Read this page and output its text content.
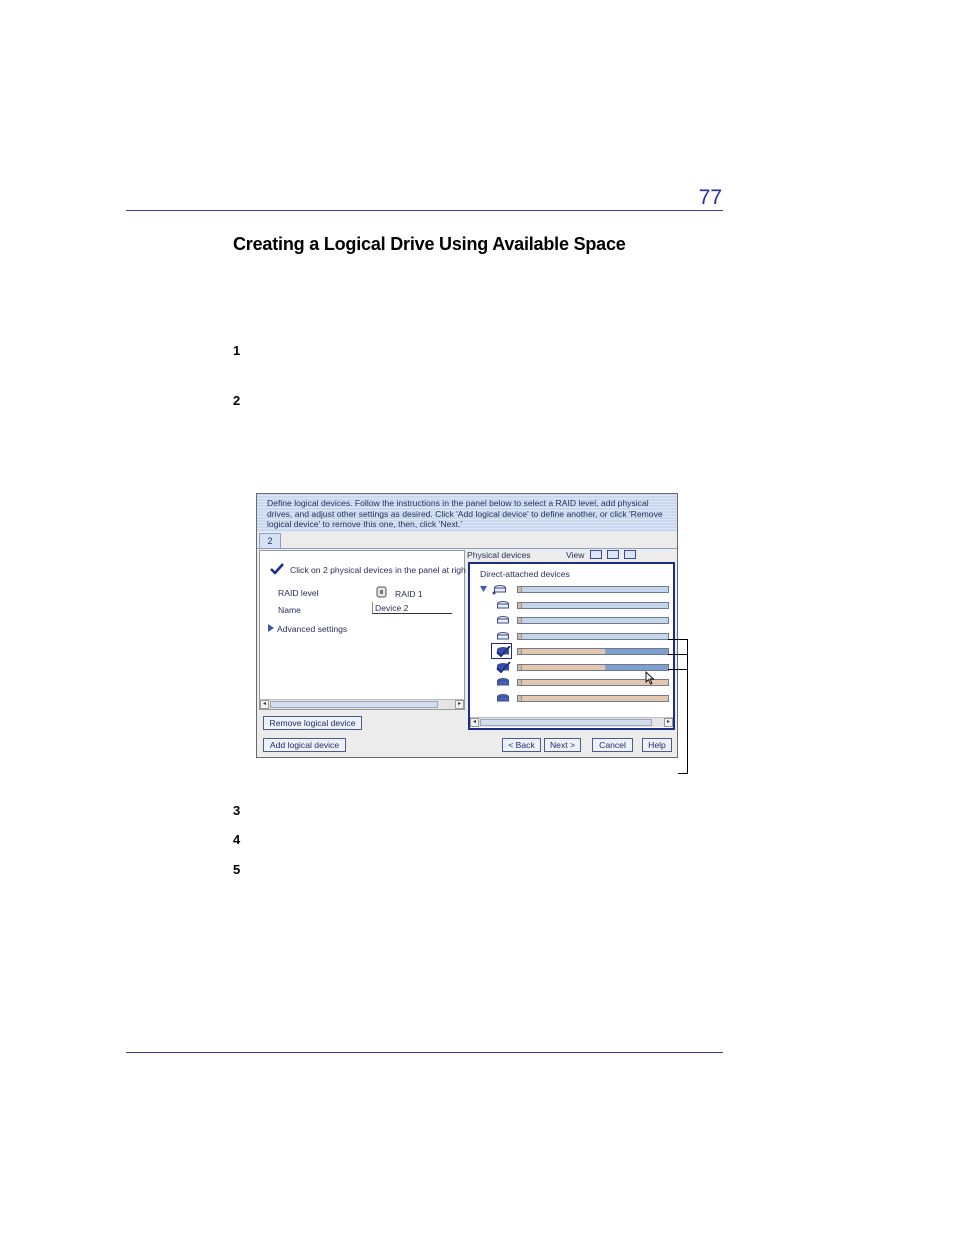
77
Creating a Logical Drive Using Available Space
1
2
Define logical devices. Follow the instructions in the panel below to select a RAID level, add physical drives, and adjust other settings as desired. Click 'Add logical device' to define another, or click 'Remove logical device' to remove this one, then, click 'Next.'
2
Click on 2 physical devices in the panel at righ
RAID level	RAID 1
Name	Device 2
Advanced settings
◂	▸
Physical devices	View
Direct-attached devices
◂	▸
Remove logical device
Add logical device	< Back	Next >	Cancel	Help
3
4
5
